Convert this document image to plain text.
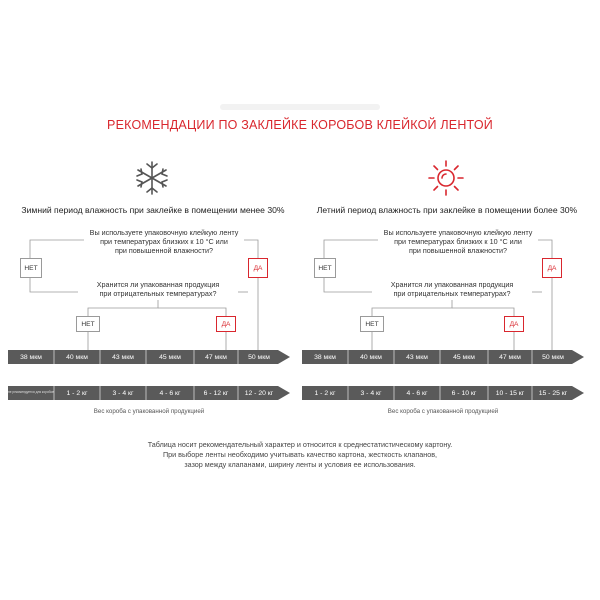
РЕКОМЕНДАЦИИ ПО ЗАКЛЕЙКЕ КОРОБОВ КЛЕЙКОЙ ЛЕНТОЙ
Зимний период влажность при заклейке в помещении менее 30%
Вы используете упаковочную клейкую ленту
при температурах близких к 10 °C или
при повышенной влажности?
Хранится ли упакованная продукция
при отрицательных температурах?
НЕТ	ДА
НЕТ	ДА
38 мкм	40 мкм	43 мкм	45 мкм	47 мкм	50 мкм
не рекомендуется для коробов	1 - 2 кг	3 - 4 кг	4 - 6 кг	6 - 12 кг	12 - 20 кг
Вес короба с упакованной продукцией
Летний период влажность при заклейке в помещении более 30%
Вы используете упаковочную клейкую ленту
при температурах близких к 10 °C или
при повышенной влажности?
Хранится ли упакованная продукция
при отрицательных температурах?
НЕТ	ДА
НЕТ	ДА
38 мкм	40 мкм	43 мкм	45 мкм	47 мкм	50 мкм
1 - 2 кг	3 - 4 кг	4 - 6 кг	6 - 10 кг	10 - 15 кг	15 - 25 кг
Вес короба с упакованной продукцией
Таблица носит рекомендательный характер и относится к среднестатистическому картону.
При выборе ленты необходимо учитывать качество картона, жесткость клапанов,
зазор между клапанами, ширину ленты и условия ее использования.
